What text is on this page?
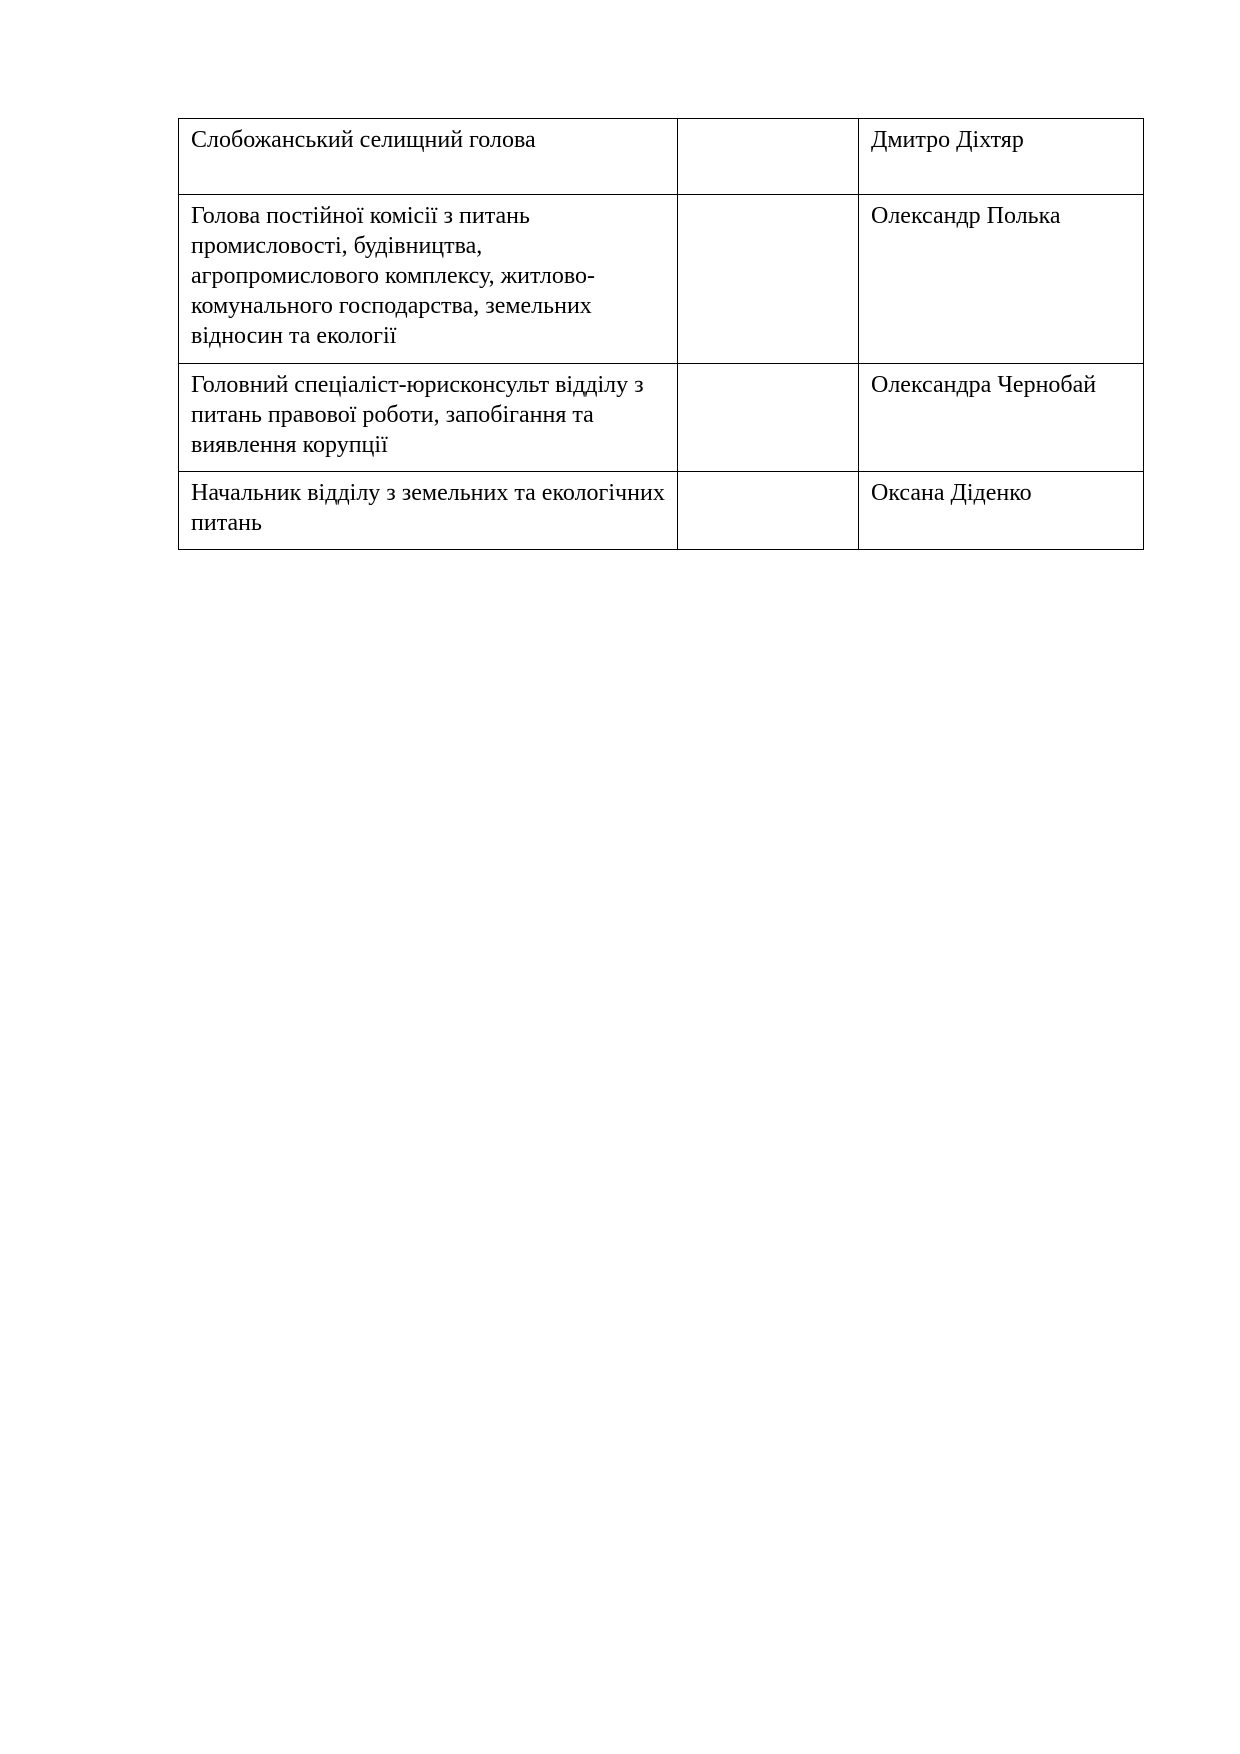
Слобожанський селищний голова		Дмитро Діхтяр
Голова постійної комісії з питань промисловості, будівництва, агропромислового комплексу, житлово-комунального господарства, земельних відносин та екології		Олександр Полька
Головний спеціаліст-юрисконсульт відділу з питань правової роботи, запобігання та виявлення корупції		Олександра Чернобай
Начальник відділу з земельних та екологічних питань		Оксана Діденко
